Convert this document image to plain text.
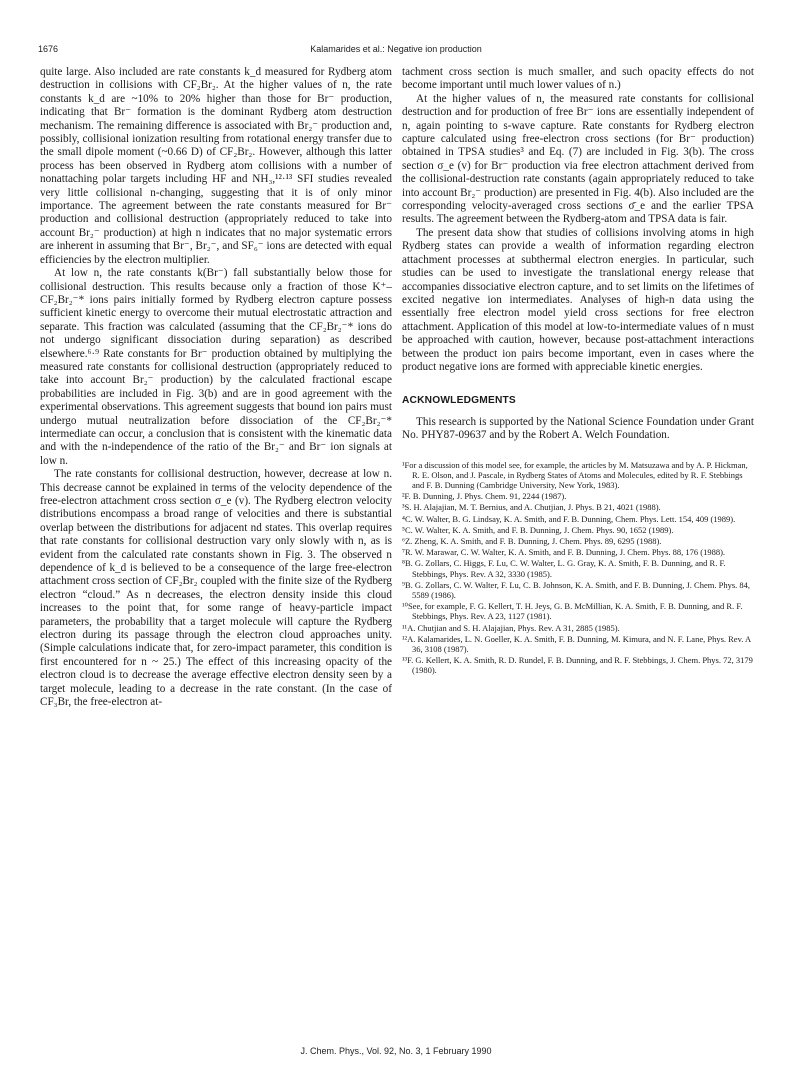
1676	Kalamarides et al.: Negative ion production

quite large. Also included are rate constants k_d measured for Rydberg atom destruction in collisions with CF₂Br₂. At the higher values of n, the rate constants k_d are ~10% to 20% higher than those for Br⁻ production, indicating that Br⁻ formation is the dominant Rydberg atom destruction mechanism. The remaining difference is associated with Br₂⁻ production and, possibly, collisional ionization resulting from rotational energy transfer due to the small dipole moment (~0.66 D) of CF₂Br₂. However, although this latter process has been observed in Rydberg atom collisions with a number of nonattaching polar targets including HF and NH₃,¹²·¹³ SFI studies revealed very little collisional n-changing, suggesting that it is of only minor importance. The agreement between the rate constants measured for Br⁻ production and collisional destruction (appropriately reduced to take into account Br₂⁻ production) at high n indicates that no major systematic errors are inherent in assuming that Br⁻, Br₂⁻, and SF₆⁻ ions are detected with equal efficiencies by the electron multiplier.

At low n, the rate constants k(Br⁻) fall substantially below those for collisional destruction. This results because only a fraction of those K⁺–CF₂Br₂⁻* ions pairs initially formed by Rydberg electron capture possess sufficient kinetic energy to overcome their mutual electrostatic attraction and separate. This fraction was calculated (assuming that the CF₂Br₂⁻* ions do not undergo significant dissociation during separation) as described elsewhere.⁶·⁹ Rate constants for Br⁻ production obtained by multiplying the measured rate constants for collisional destruction (appropriately reduced to take into account Br₂⁻ production) by the calculated fractional escape probabilities are included in Fig. 3(b) and are in good agreement with the experimental observations. This agreement suggests that bound ion pairs must undergo mutual neutralization before dissociation of the CF₂Br₂⁻* intermediate can occur, a conclusion that is consistent with the kinematic data and with the n-independence of the ratio of the Br₂⁻ and Br⁻ ion signals at low n.

The rate constants for collisional destruction, however, decrease at low n. This decrease cannot be explained in terms of the velocity dependence of the free-electron attachment cross section σ_e (v). The Rydberg electron velocity distributions encompass a broad range of velocities and there is substantial overlap between the distributions for adjacent nd states. This overlap requires that rate constants for collisional destruction vary only slowly with n, as is evident from the calculated rate constants shown in Fig. 3. The observed n dependence of k_d is believed to be a consequence of the large free-electron attachment cross section of CF₂Br₂ coupled with the finite size of the Rydberg electron “cloud.” As n decreases, the electron density inside this cloud increases to the point that, for some range of heavy-particle impact parameters, the probability that a target molecule will capture the Rydberg electron during its passage through the electron cloud approaches unity. (Simple calculations indicate that, for zero-impact parameter, this condition is first encountered for n ~ 25.) The effect of this increasing opacity of the electron cloud is to decrease the average effective electron density seen by a target molecule, leading to a decrease in the rate constant. (In the case of CF₃Br, the free-electron at-

tachment cross section is much smaller, and such opacity effects do not become important until much lower values of n.)

At the higher values of n, the measured rate constants for collisional destruction and for production of free Br⁻ ions are essentially independent of n, again pointing to s-wave capture. Rate constants for Rydberg electron capture calculated using free-electron cross sections (for Br⁻ production) obtained in TPSA studies³ and Eq. (7) are included in Fig. 3(b). The cross section σ_e (v) for Br⁻ production via free electron attachment derived from the collisional-destruction rate constants (again appropriately reduced to take into account Br₂⁻ production) are presented in Fig. 4(b). Also included are the corresponding velocity-averaged cross sections σ̄_e and the earlier TPSA results. The agreement between the Rydberg-atom and TPSA data is fair.

The present data show that studies of collisions involving atoms in high Rydberg states can provide a wealth of information regarding electron attachment processes at subthermal electron energies. In particular, such studies can be used to investigate the translational energy release that accompanies dissociative electron capture, and to set limits on the lifetimes of excited negative ion intermediates. Analyses of high-n data using the essentially free electron model yield cross sections for free electron attachment. Application of this model at low-to-intermediate values of n must be approached with caution, however, because post-attachment interactions between the product ion pairs become important, even in cases where the product negative ions are formed with appreciable kinetic energies.

ACKNOWLEDGMENTS

This research is supported by the National Science Foundation under Grant No. PHY87-09637 and by the Robert A. Welch Foundation.

¹For a discussion of this model see, for example, the articles by M. Matsuzawa and by A. P. Hickman, R. E. Olson, and J. Pascale, in Rydberg States of Atoms and Molecules, edited by R. F. Stebbings and F. B. Dunning (Cambridge University, New York, 1983).
²F. B. Dunning, J. Phys. Chem. 91, 2244 (1987).
³S. H. Alajajian, M. T. Bernius, and A. Chutjian, J. Phys. B 21, 4021 (1988).
⁴C. W. Walter, B. G. Lindsay, K. A. Smith, and F. B. Dunning, Chem. Phys. Lett. 154, 409 (1989).
⁵C. W. Walter, K. A. Smith, and F. B. Dunning, J. Chem. Phys. 90, 1652 (1989).
⁶Z. Zheng, K. A. Smith, and F. B. Dunning, J. Chem. Phys. 89, 6295 (1988).
⁷R. W. Marawar, C. W. Walter, K. A. Smith, and F. B. Dunning, J. Chem. Phys. 88, 176 (1988).
⁸B. G. Zollars, C. Higgs, F. Lu, C. W. Walter, L. G. Gray, K. A. Smith, F. B. Dunning, and R. F. Stebbings, Phys. Rev. A 32, 3330 (1985).
⁹B. G. Zollars, C. W. Walter, F. Lu, C. B. Johnson, K. A. Smith, and F. B. Dunning, J. Chem. Phys. 84, 5589 (1986).
¹⁰See, for example, F. G. Kellert, T. H. Jeys, G. B. McMillian, K. A. Smith, F. B. Dunning, and R. F. Stebbings, Phys. Rev. A 23, 1127 (1981).
¹¹A. Chutjian and S. H. Alajajian, Phys. Rev. A 31, 2885 (1985).
¹²A. Kalamarides, L. N. Goeller, K. A. Smith, F. B. Dunning, M. Kimura, and N. F. Lane, Phys. Rev. A 36, 3108 (1987).
¹³F. G. Kellert, K. A. Smith, R. D. Rundel, F. B. Dunning, and R. F. Stebbings, J. Chem. Phys. 72, 3179 (1980).
J. Chem. Phys., Vol. 92, No. 3, 1 February 1990
